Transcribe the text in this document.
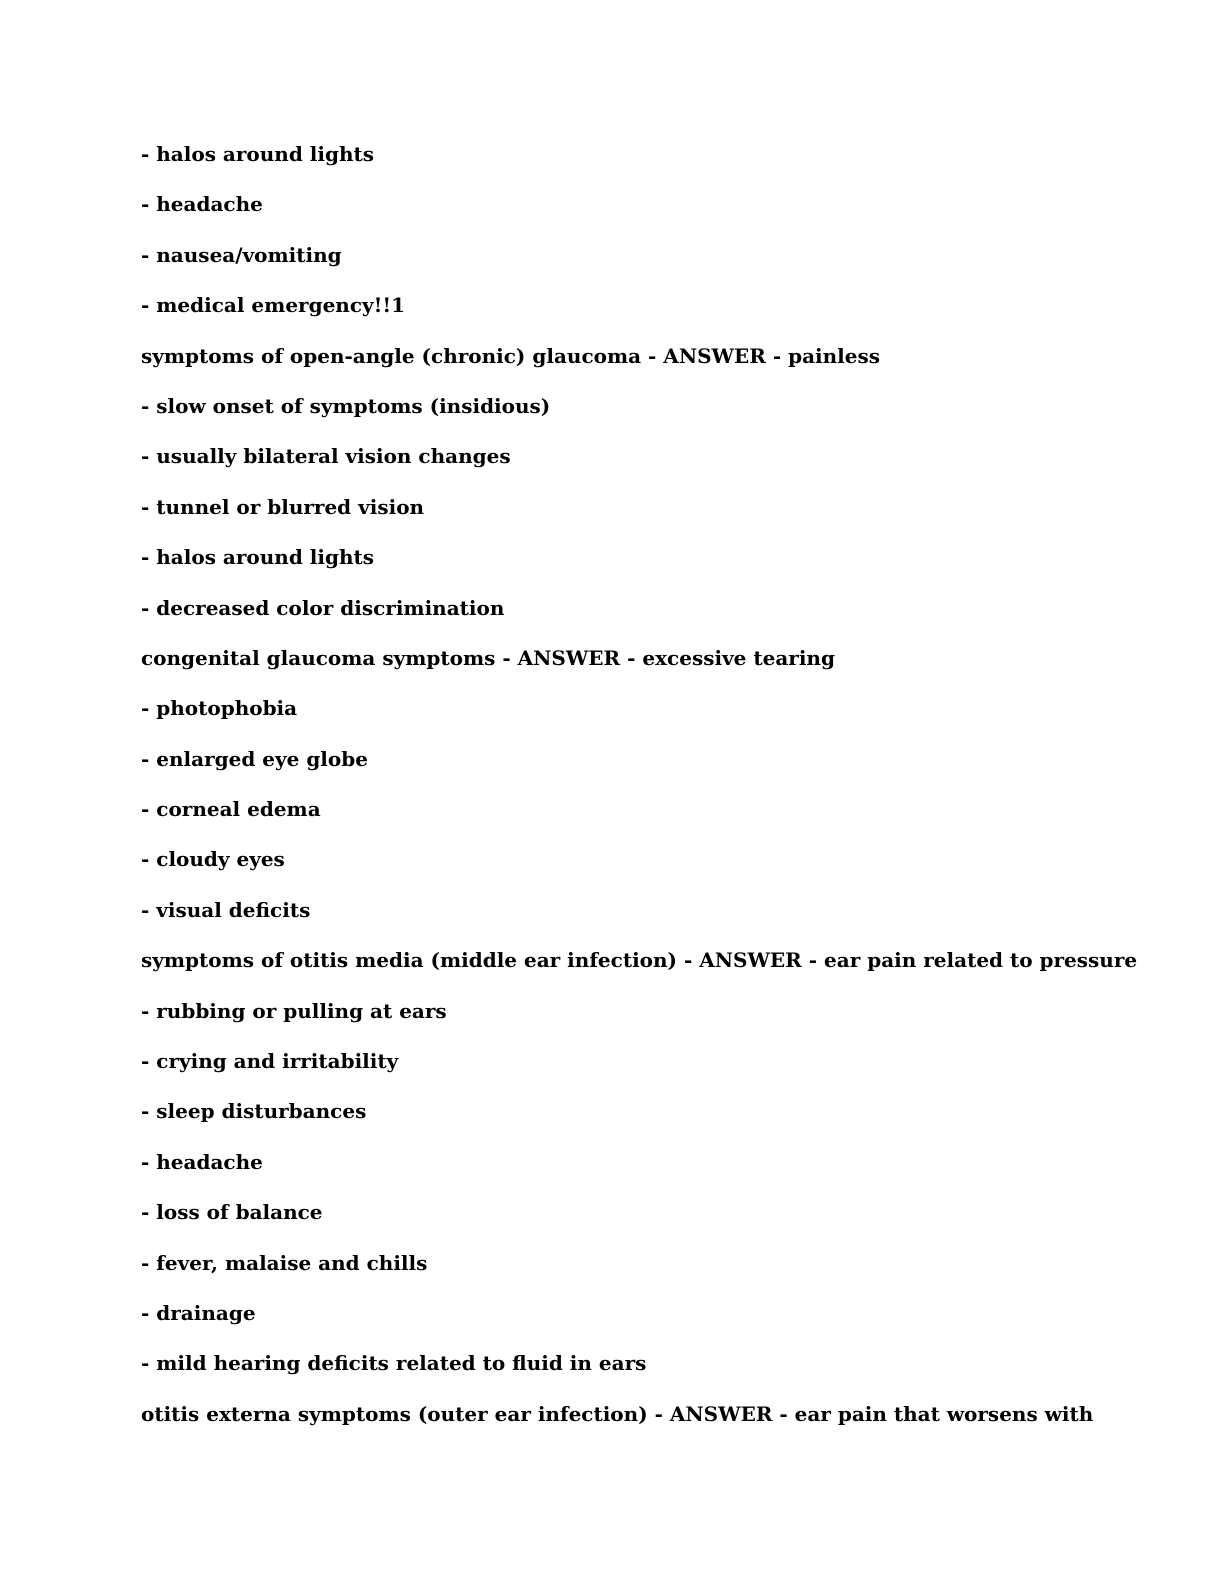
- halos around lights
- headache
- nausea/vomiting
- medical emergency!!1
symptoms of open-angle (chronic) glaucoma - ANSWER - painless
- slow onset of symptoms (insidious)
- usually bilateral vision changes
- tunnel or blurred vision
- halos around lights
- decreased color discrimination
congenital glaucoma symptoms - ANSWER - excessive tearing
- photophobia
- enlarged eye globe
- corneal edema
- cloudy eyes
- visual deficits
symptoms of otitis media (middle ear infection) - ANSWER - ear pain related to pressure
- rubbing or pulling at ears
- crying and irritability
- sleep disturbances
- headache
- loss of balance
- fever, malaise and chills
- drainage
- mild hearing deficits related to fluid in ears
otitis externa symptoms (outer ear infection) - ANSWER - ear pain that worsens with
